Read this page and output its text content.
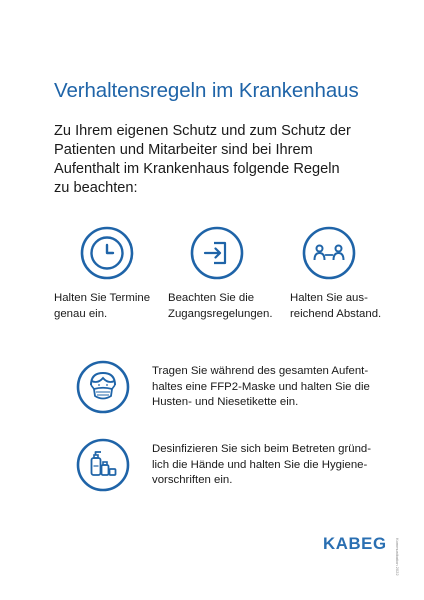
Verhaltensregeln im Krankenhaus
Zu Ihrem eigenen Schutz und zum Schutz der
Patienten und Mitarbeiter sind bei Ihrem
Aufenthalt im Krankenhaus folgende Regeln
zu beachten:
Halten Sie Termine
genau ein.
Beachten Sie die
Zugangsregelungen.
Halten Sie aus-
reichend Abstand.
Tragen Sie während des gesamten Aufent-
haltes eine FFP2-Maske und halten Sie die
Husten- und Niesetikette ein.
Desinfizieren Sie sich beim Betreten gründ-
lich die Hände und halten Sie die Hygiene-
vorschriften ein.
KABEG Kommunikation 2022
